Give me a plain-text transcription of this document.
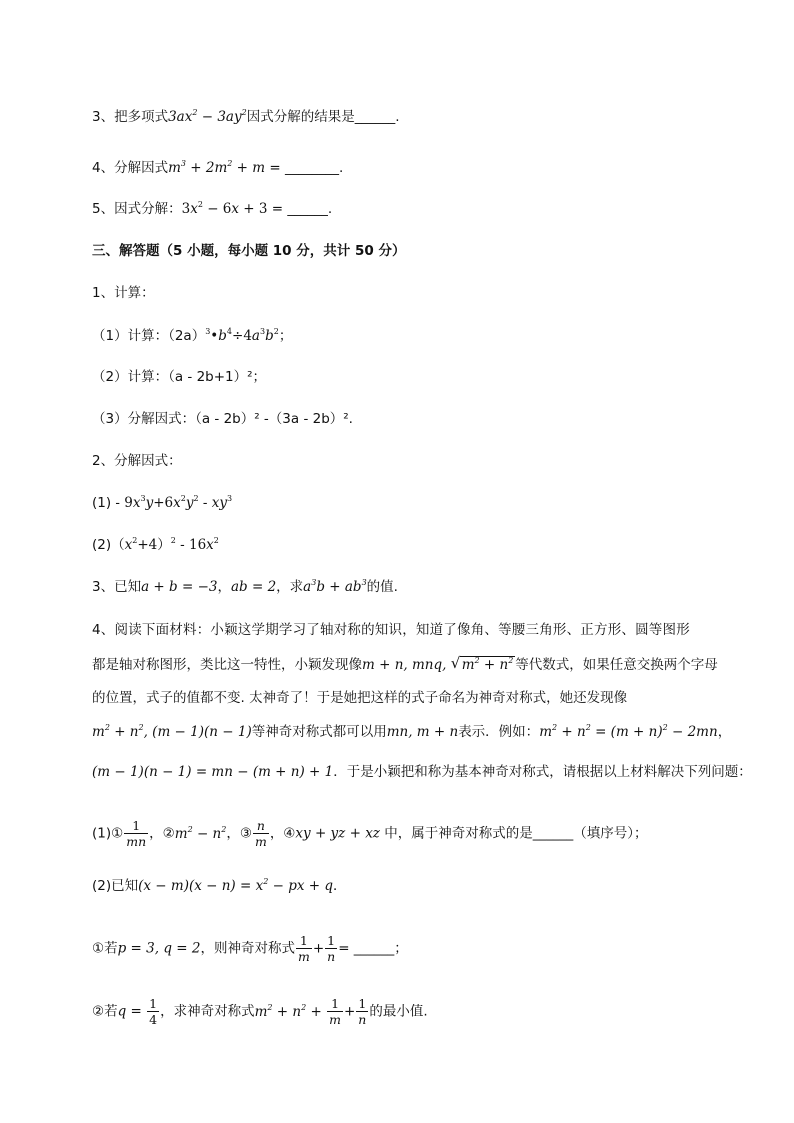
3、把多项式$3ax^2 - 3ay^2$因式分解的结果是______.
4、分解因式$m^3 + 2m^2 + m$ = ________.
5、因式分解：$3x^2 - 6x + 3$ = ______.
三、解答题（5 小题，每小题 10 分，共计 50 分）
1、计算：
（1）计算：$(2a)^3•b^4\div 4a^3b^2$；
（2）计算：（a - 2b+1）²；
（3）分解因式：（a - 2b）² -（3a - 2b）².
2、分解因式：
$(1) - 9x^3y+6x^2y^2 - xy^3$
$(2)(x^2+4)^2 - 16x^2$
3、已知a + b = −3，ab = 2，求$a^3b + ab^3$的值.
4、阅读下面材料：小颖这学期学习了轴对称的知识，知道了像角、等腰三角形、正方形、圆等图形
都是轴对称图形，类比这一特性，小颖发现像m + n, mnq, √ $m^2 + n^2$ 等代数式，如果任意交换两个字母
的位置，式子的值都不变. 太神奇了！于是她把这样的式子命名为神奇对称式，她还发现像
$m^2 + n^2$, (m − 1)(n − 1)等神奇对称式都可以用mn, m + n表示．例如：$m^2 + n^2 = (m + n)^2 - 2mn$，
(m − 1)(n − 1) = mn − (m + n) + 1．于是小颖把和称为基本神奇对称式，请根据以上材料解决下列问题：
(1)① $\frac{1}{mn}$ ，$②m^2 - n^2$，③ $\frac{n}{m}$ ，④xy + yz + xz 中，属于神奇对称式的是______（填序号）；
(2)已知$(x - m)(x - n) = x^2$ − px + q．
①若p = 3, q = 2，则神奇对称式 $\frac{1}{m} + \frac{1}{n}$ = ______；
②若$q = \frac{1}{4}$ ，求神奇对称式$m^2 + n^2 + \frac{1}{m} + \frac{1}{n}$ 的最小值.
